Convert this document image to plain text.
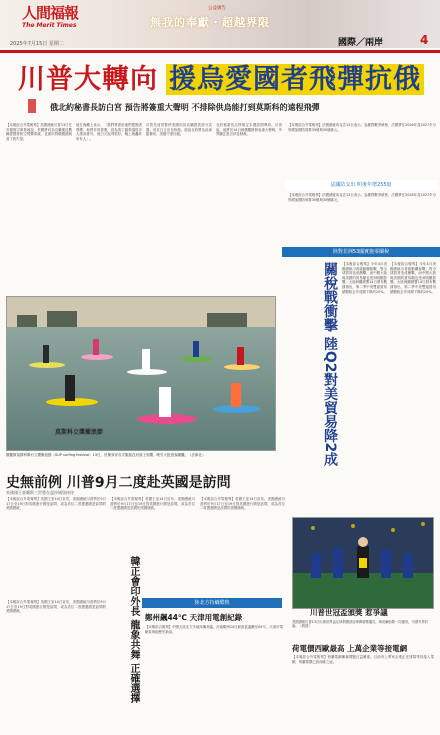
人間福報
The Merit Times
公益廣告
無我的奉獻・超越界限
2025年7月15日 星期二	國際／兩岸	4
川普大轉向 援烏愛國者飛彈抗俄
俄北約秘書長訪白宮 預告將簽重大聲明 不排除供烏能打到莫斯科的遠程飛彈
【本報綜合外電報導】美國總統川普13日在安德魯空軍基地說，美國將向烏克蘭運送數輛愛國者防空飛彈系統，並重申對俄國總統普丁的失望。
他在海灘上表示，「我們將派給他們愛國者飛彈，他們非常需要，因為普丁確實讓很多人感到意外，他白天說得很好，晚上就轟炸所有人」。
川普先前曾暫停美國向烏克蘭提供部分武器，但近日又宣布恢復。他說北約將為此承擔費用，美國不需付錢。
北約秘書長呂特預定本週訪問華府。川普說，他將於14日就俄羅斯發表重大聲明，外界關注是否涉及制裁。
【本報綜合外電報導】法國總統馬克宏13日表示，為應對戰爭威脅，法國將在2026年及2027年分別增加國防預算35億與30億歐元。
法國防支出 明後年增255億
【本報綜合外電報導】法國總統馬克宏13日表示，為應對戰爭威脅，法國將在2026年及2027年分別增加國防預算35億與30億歐元。
陸對非洲53國實施零關稅
關稅戰衝擊 陸Q2對美貿易降2成 【本報綜合報導】今年4月美國總統川普啟動關稅戰，對全球貿易造成衝擊，而中國大陸與美國的貿易額也受到明顯影響。大陸海關總署14日發布數據指出，第二季中美雙邊貿易總額較去年同期下降約20%。
【本報綜合報導】今年4月美國總統川普啟動關稅戰，對全球貿易造成衝擊，而中國大陸與美國的貿易額也受到明顯影響。大陸海關總署14日發布數據指出，第二季中美雙邊貿易總額較去年同期下降約20%。
莫斯科立槳衝浪節
俄羅斯莫斯科舉行立槳衝浪節（SUP surfing festival）13日，民眾身穿各式服裝在河面上划槳，吸引大批遊客圍觀。（法新社）
史無前例 川普9月二度赴英國是訪問
英國國王查爾斯三世將在溫莎城堡接待
【本報綜合外電報導】英國王室14日宣布，美國總統川普將於9月17日至19日對英國進行國是訪問，成為首位二度獲邀國是訪問的美國總統。
【本報綜合外電報導】英國王室14日宣布，美國總統川普將於9月17日至19日對英國進行國是訪問，成為首位二度獲邀國是訪問的美國總統。
【本報綜合外電報導】英國王室14日宣布，美國總統川普將於9月17日至19日對英國進行國是訪問，成為首位二度獲邀國是訪問的美國總統。
【本報綜合外電報導】英國王室14日宣布，美國總統川普將於9月17日至19日對英國進行國是訪問，成為首位二度獲邀國是訪問的美國總統。	韓正會印外長 龍象共舞 正確選擇	陸北方持續酷熱
鄭州飆44℃ 天津用電創紀錄
【本報綜合報導】中國大陸北方多地持續高溫，河南鄭州14日最高氣溫飆至44℃，天津市電網負荷創歷史新高。
川普世冠盃頒獎 惹爭議
美國總統川普13日出席世界盃足球俱樂部冠軍賽頒獎儀式，與切爾西隊一同慶祝，引發外界討論。（路透）
荷電價西歐最高 上萬企業等接電網
【本報綜合外電報導】荷蘭電網擁塞問題日益嚴重，目前有上萬家企業正在排隊等待接入電網，荷蘭電價已居西歐之冠。
